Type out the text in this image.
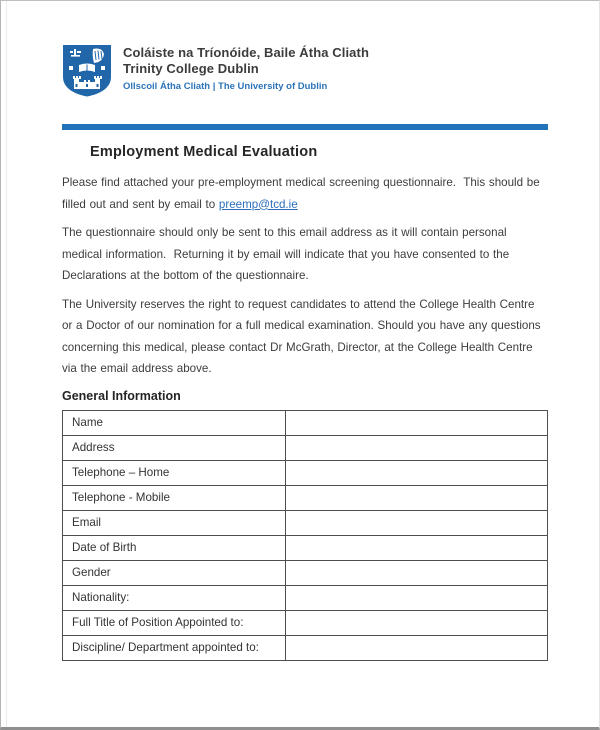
Coláiste na Tríonóide, Baile Átha Cliath
Trinity College Dublin
Ollscoil Átha Cliath | The University of Dublin
Employment Medical Evaluation

Please find attached your pre-employment medical screening questionnaire.  This should be filled out and sent by email to preemp@tcd.ie

The questionnaire should only be sent to this email address as it will contain personal medical information.  Returning it by email will indicate that you have consented to the Declarations at the bottom of the questionnaire.

The University reserves the right to request candidates to attend the College Health Centre or a Doctor of our nomination for a full medical examination. Should you have any questions concerning this medical, please contact Dr McGrath, Director, at the College Health Centre via the email address above.

General Information
Name	
Address	
Telephone – Home	
Telephone - Mobile	
Email	
Date of Birth	
Gender	
Nationality:	
Full Title of Position Appointed to:	
Discipline/ Department appointed to:	
